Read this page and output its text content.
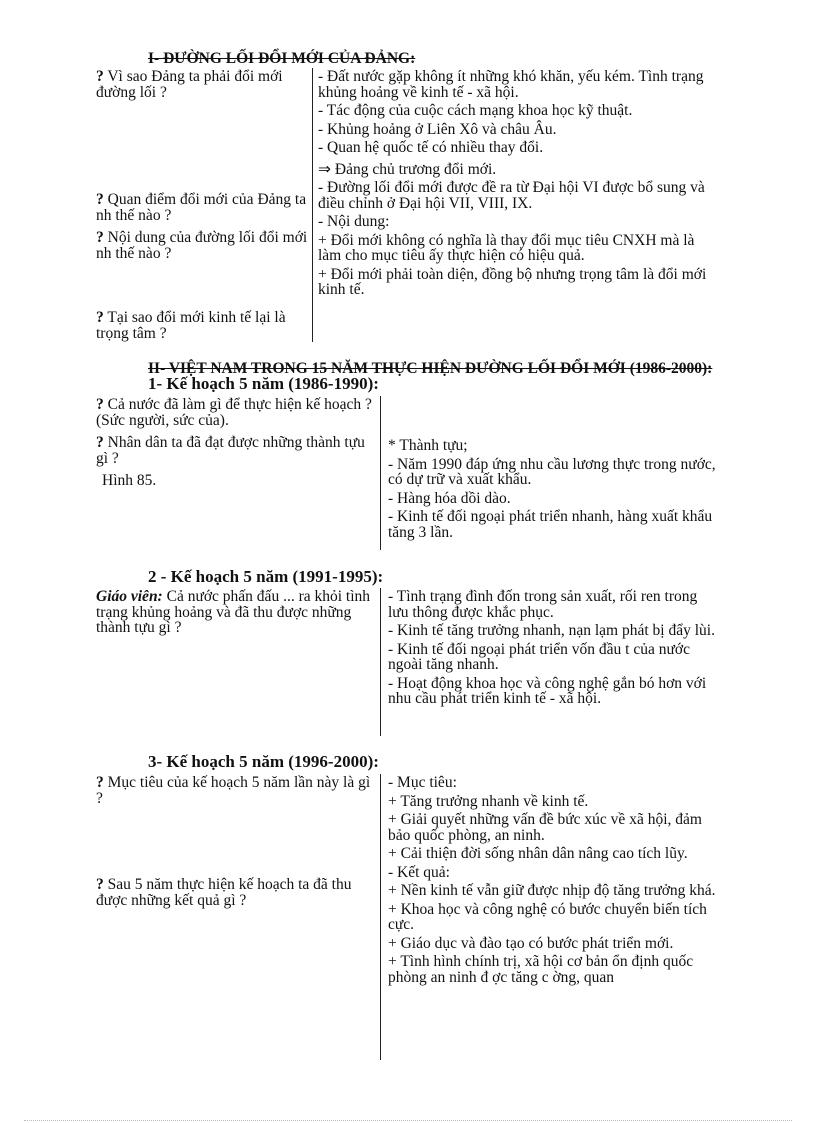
I- ĐƯỜNG LỐI ĐỔI MỚI CỦA ĐẢNG:
? Vì sao Đảng ta phải đổi mới đường lối ?
? Quan điểm đổi mới của Đảng ta nh thế nào ?
? Nội dung của đường lối đổi mới nh thế nào ?
? Tại sao đổi mới kinh tế lại là trọng tâm ?

- Đất nước gặp không ít những khó khăn, yếu kém. Tình trạng khủng hoảng về kinh tế - xã hội.

- Tác động của cuộc cách mạng khoa học kỹ thuật.

- Khủng hoảng ở Liên Xô và châu Âu.

- Quan hệ quốc tế có nhiều thay đổi.

⇒ Đảng chủ trương đổi mới.

- Đường lối đổi mới được đề ra từ Đại hội VI được bổ sung và điều chỉnh ở Đại hội VII, VIII, IX.

- Nội dung:

+ Đổi mới không có nghĩa là thay đổi mục tiêu CNXH mà là làm cho mục tiêu ấy thực hiện có hiệu quả.

+ Đổi mới phải toàn diện, đồng bộ nhưng trọng tâm là đổi mới kinh tế.

II- VIỆT NAM TRONG 15 NĂM THỰC HIỆN ĐƯỜNG LỐI ĐỔI MỚI (1986-2000):
1- Kế hoạch 5 năm (1986-1990):
? Cả nước đã làm gì để thực hiện kế hoạch ? (Sức người, sức của).
? Nhân dân ta đã đạt được những thành tựu gì ?
Hình 85.

* Thành tựu;

- Năm 1990 đáp ứng nhu cầu lương thực trong nước, có dự trữ và xuất khẩu.

- Hàng hóa dồi dào.

- Kinh tế đối ngoại phát triển nhanh, hàng xuất khẩu tăng 3 lần.

2 - Kế hoạch 5 năm (1991-1995):
Giáo viên: Cả nước phấn đấu ... ra khỏi tình trạng khủng hoảng và đã thu được những thành tựu gì ?

- Tình trạng đình đốn trong sản xuất, rối ren trong lưu thông được khắc phục.

- Kinh tế tăng trưởng nhanh, nạn lạm phát bị đẩy lùi.

- Kinh tế đối ngoại phát triển vốn đầu t của nước ngoài tăng nhanh.

- Hoạt động khoa học và công nghệ gắn bó hơn với nhu cầu phát triển kinh tế - xã hội.

3- Kế hoạch 5 năm (1996-2000):
? Mục tiêu của kế hoạch 5 năm lần này là gì ?
? Sau 5 năm thực hiện kế hoạch ta đã thu được những kết quả gì ?

- Mục tiêu:

+ Tăng trưởng nhanh về kinh tế.

+ Giải quyết những vấn đề bức xúc về xã hội, đảm bảo quốc phòng, an ninh.

+ Cải thiện đời sống nhân dân nâng cao tích lũy.

- Kết quả:

+ Nền kinh tế vẫn giữ được nhịp độ tăng trưởng khá.

+ Khoa học và công nghệ có bước chuyển biến tích cực.

+ Giáo dục và đào tạo có bước phát triển mới.

+ Tình hình chính trị, xã hội cơ bản ổn định quốc phòng an ninh đ ợc tăng c ờng, quan
